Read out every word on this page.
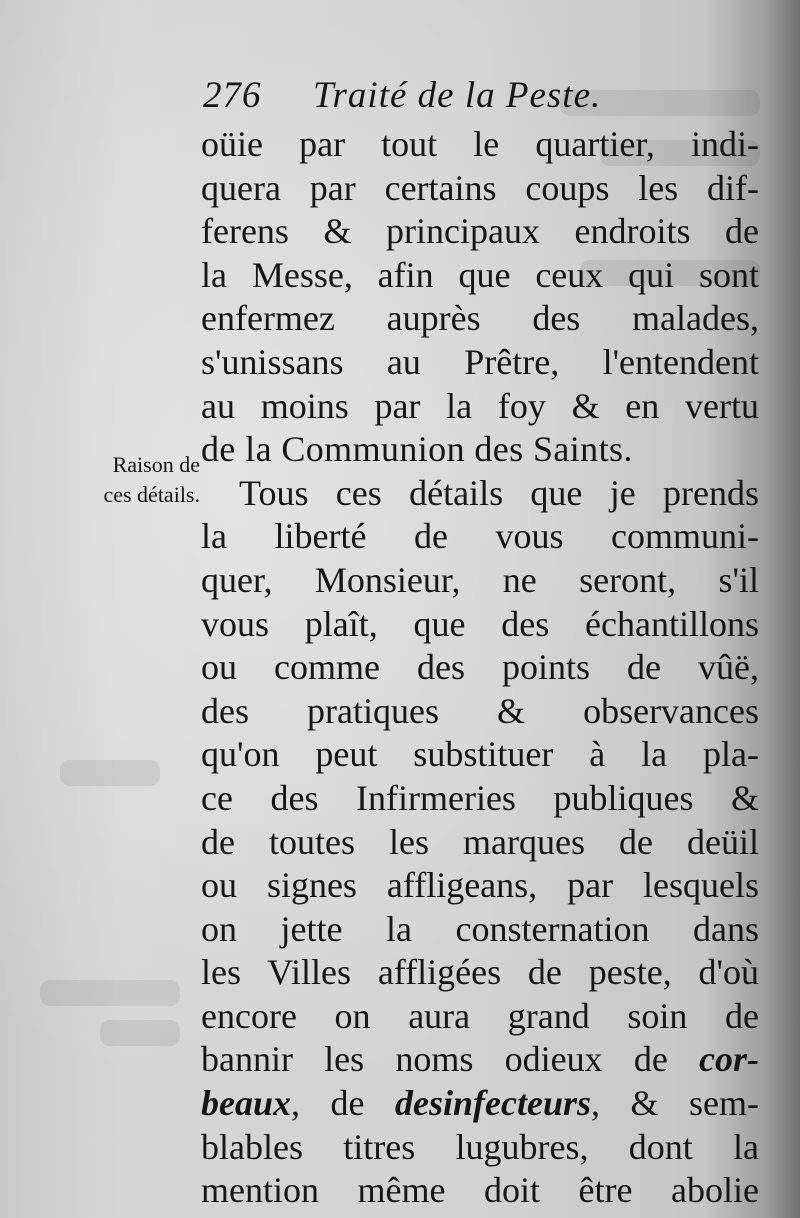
276 Traité de la Peste.
Raison de
ces détails.
oüie par tout le quartier, indi-
quera par certains coups les dif-
ferens & principaux endroits de
la Messe, afin que ceux qui sont
enfermez auprès des malades,
s'unissans au Prêtre, l'entendent
au moins par la foy & en vertu
de la Communion des Saints.
Tous ces détails que je prends
la liberté de vous communi-
quer, Monsieur, ne seront, s'il
vous plaît, que des échantillons
ou comme des points de vûë,
des pratiques & observances
qu'on peut substituer à la pla-
ce des Infirmeries publiques &
de toutes les marques de deüil
ou signes affligeans, par lesquels
on jette la consternation dans
les Villes affligées de peste, d'où
encore on aura grand soin de
bannir les noms odieux de cor-
beaux, de desinfecteurs, & sem-
blables titres lugubres, dont la
mention même doit être abolie
